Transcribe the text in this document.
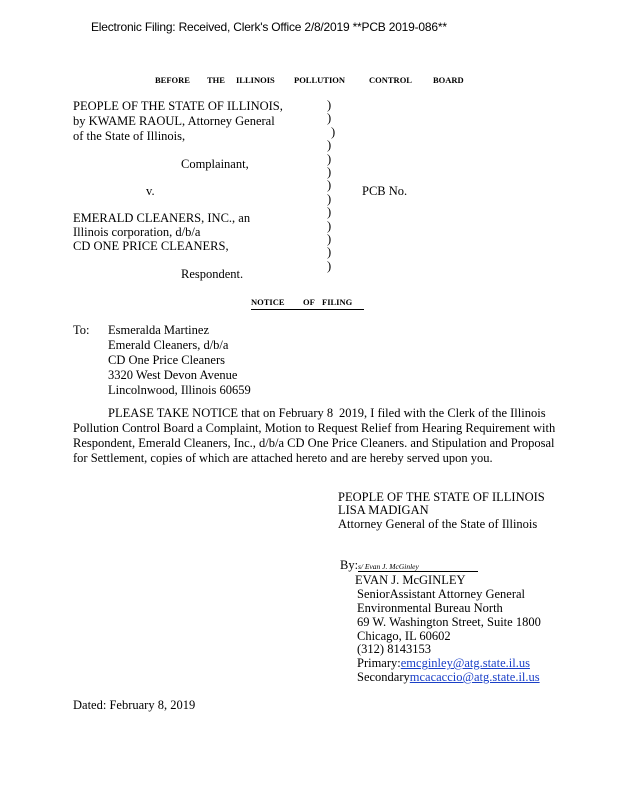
Electronic Filing: Received, Clerk's Office 2/8/2019 **PCB 2019-086**
BEFORE THE ILLINOIS POLLUTION	CONTROL BOARD
PEOPLE OF THE STATE OF ILLINOIS,
by KWAME RAOUL, Attorney General
of the State of Illinois,
Complainant,
v.	PCB No.
EMERALD CLEANERS, INC., an
Illinois corporation, d/b/a
CD ONE PRICE CLEANERS,
Respondent.
)
)
)
)
)
)
)
)
)
)
)
)
)
NOTICE OF FILING
To: Esmeralda Martinez
Emerald Cleaners, d/b/a
CD One Price Cleaners
3320 West Devon Avenue
Lincolnwood, Illinois 60659
PLEASE TAKE NOTICE that on February 8 2019, I filed with the Clerk of the Illinois
Pollution Control Board a Complaint, Motion to Request Relief from Hearing Requirement with
Respondent, Emerald Cleaners, Inc., d/b/a CD One Price Cleaners. and Stipulation and Proposal
for Settlement, copies of which are attached hereto and are hereby served upon you.
PEOPLE OF THE STATE OF ILLINOIS
LISA MADIGAN
Attorney General of the State of Illinois
By: s/ Evan J. McGinley
EVAN J. McGINLEY
SeniorAssistant Attorney General
Environmental Bureau North
69 W. Washington Street, Suite 1800
Chicago, IL 60602
(312) 8143153
Primary:emcginley@atg.state.il.us
Secondarymcacaccio@atg.state.il.us
Dated: February 8, 2019
